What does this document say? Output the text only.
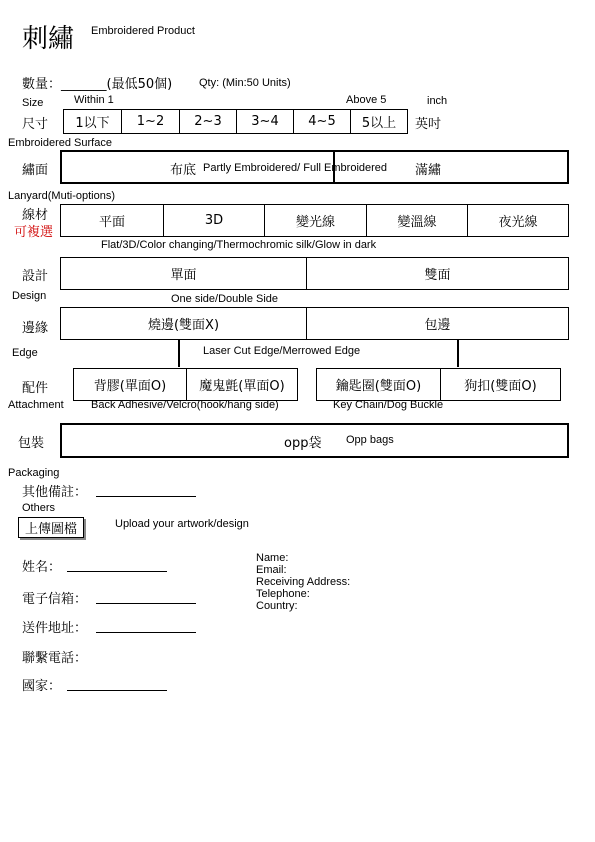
刺繡 Embroidered Product
數量：_______(最低50個) Qty: (Min:50 Units)
Size	Within 1	Above 5	inch
尺寸	1以下	1~2	2~3	3~4	4~5	5以上	英吋
Embroidered Surface
繡面	布底 Partly Embroidered/ Full Embroidered 滿繡
Lanyard(Muti-options)
線材
可複選
平面	3D	變光線	變溫線	夜光線
Flat/3D/Color changing/Thermochromic silk/Glow in dark
設計	單面	雙面
Design	One side/Double Side
邊緣	燒邊(雙面X)	包邊
Edge	Laser Cut Edge/Merrowed Edge
配件	背膠(單面O)	魔鬼氈(單面O)	鑰匙圈(雙面O)	狗扣(雙面O)
Attachment Back Adhesive/Velcro(hook/hang side)	Key Chain/Dog Buckle
包裝	opp袋 Opp bags
Packaging
其他備註：
Others
上傳圖檔	Upload your artwork/design
姓名：
電子信箱：
送件地址：
聯繫電話：
國家：
Name:
Email:
Receiving Address:
Telephone:
Country:
